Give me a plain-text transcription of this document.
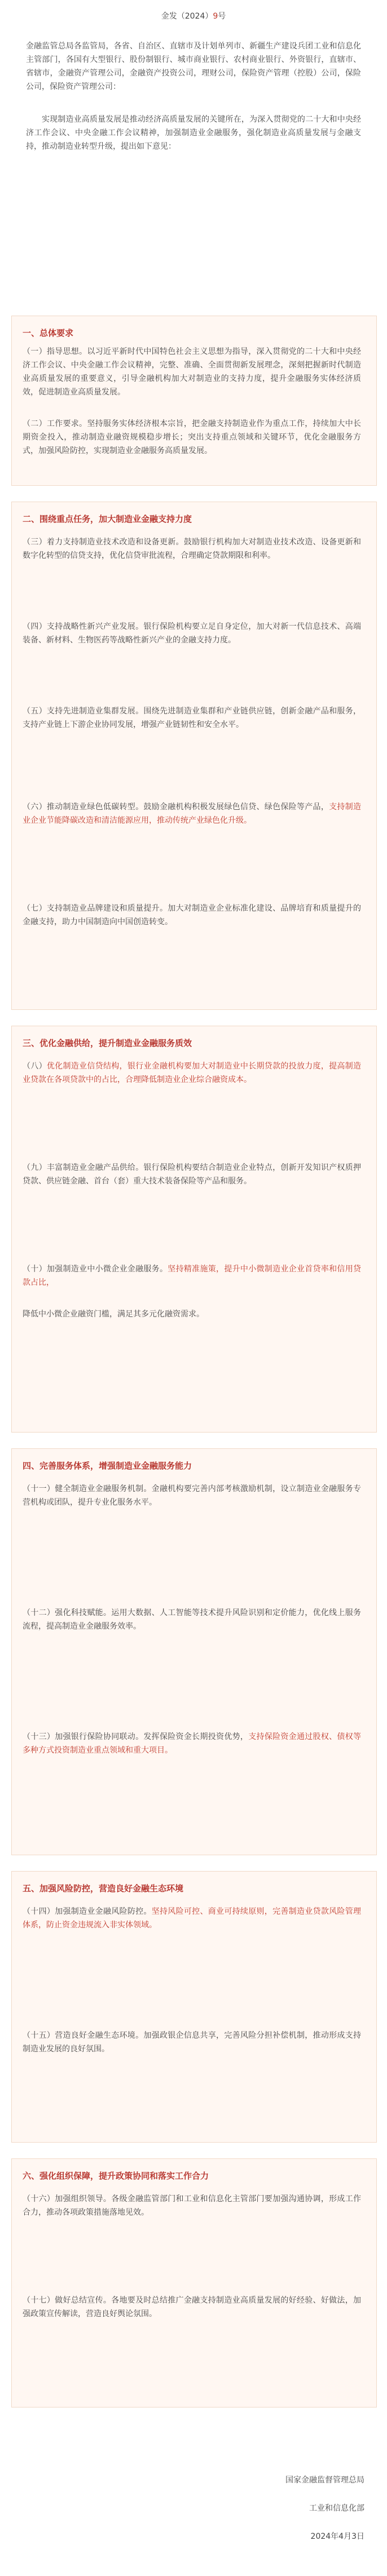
金发（2024）9号
金融监管总局各监管局，各省、自治区、直辖市及计划单列市、新疆生产建设兵团工业和信息化主管部门，各国有大型银行、股份制银行、城市商业银行、农村商业银行、外资银行，直辖市、省辖市，金融资产管理公司，金融资产投资公司，理财公司，保险资产管理（控股）公司，保险公司，保险资产管理公司：
实现制造业高质量发展是推动经济高质量发展的关键所在，为深入贯彻党的二十大和中央经济工作会议、中央金融工作会议精神，加强制造业金融服务，强化制造业高质量发展与金融支持，推动制造业转型升级，提出如下意见：
一、总体要求
（一）指导思想。以习近平新时代中国特色社会主义思想为指导，深入贯彻党的二十大和中央经济工作会议、中央金融工作会议精神，完整、准确、全面贯彻新发展理念，深刻把握新时代制造业高质量发展的重要意义，引导金融机构加大对制造业的支持力度，提升金融服务实体经济质效，促进制造业高质量发展。
（二）工作要求。坚持服务实体经济根本宗旨，把金融支持制造业作为重点工作，持续加大中长期资金投入，推动制造业融资规模稳步增长；突出支持重点领域和关键环节，优化金融服务方式，加强风险防控，实现制造业金融服务高质量发展。
二、围绕重点任务，加大制造业金融支持力度
（三）着力支持制造业技术改造和设备更新。鼓励银行机构加大对制造业技术改造、设备更新和数字化转型的信贷支持，优化信贷审批流程，合理确定贷款期限和利率。
（四）支持战略性新兴产业发展。银行保险机构要立足自身定位，加大对新一代信息技术、高端装备、新材料、生物医药等战略性新兴产业的金融支持力度。
（五）支持先进制造业集群发展。围绕先进制造业集群和产业链供应链，创新金融产品和服务，支持产业链上下游企业协同发展，增强产业链韧性和安全水平。
（六）推动制造业绿色低碳转型。鼓励金融机构积极发展绿色信贷、绿色保险等产品，支持制造业企业节能降碳改造和清洁能源应用，推动传统产业绿色化升级。
（七）支持制造业品牌建设和质量提升。加大对制造业企业标准化建设、品牌培育和质量提升的金融支持，助力中国制造向中国创造转变。
三、优化金融供给，提升制造业金融服务质效
（八）优化制造业信贷结构，银行业金融机构要加大对制造业中长期贷款的投放力度，提高制造业贷款在各项贷款中的占比，合理降低制造业企业综合融资成本。
（九）丰富制造业金融产品供给。银行保险机构要结合制造业企业特点，创新开发知识产权质押贷款、供应链金融、首台（套）重大技术装备保险等产品和服务。
（十）加强制造业中小微企业金融服务。坚持精准施策，提升中小微制造业企业首贷率和信用贷款占比，
降低中小微企业融资门槛，满足其多元化融资需求。
四、完善服务体系，增强制造业金融服务能力
（十一）健全制造业金融服务机制。金融机构要完善内部考核激励机制，设立制造业金融服务专营机构或团队，提升专业化服务水平。
（十二）强化科技赋能。运用大数据、人工智能等技术提升风险识别和定价能力，优化线上服务流程，提高制造业金融服务效率。
（十三）加强银行保险协同联动。发挥保险资金长期投资优势，支持保险资金通过股权、债权等多种方式投资制造业重点领域和重大项目。
五、加强风险防控，营造良好金融生态环境
（十四）加强制造业金融风险防控。坚持风险可控、商业可持续原则，完善制造业贷款风险管理体系，防止资金违规流入非实体领域。
（十五）营造良好金融生态环境。加强政银企信息共享，完善风险分担补偿机制，推动形成支持制造业发展的良好氛围。
六、强化组织保障，提升政策协同和落实工作合力
（十六）加强组织领导。各级金融监管部门和工业和信息化主管部门要加强沟通协调，形成工作合力，推动各项政策措施落地见效。
（十七）做好总结宣传。各地要及时总结推广金融支持制造业高质量发展的好经验、好做法，加强政策宣传解读，营造良好舆论氛围。
国家金融监督管理总局
工业和信息化部
2024年4月3日
